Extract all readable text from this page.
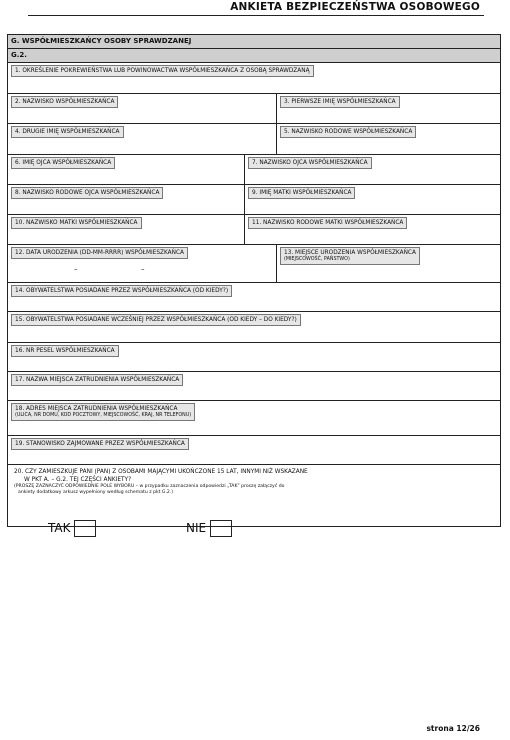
ANKIETA BEZPIECZEŃSTWA OSOBOWEGO
G. WSPÓŁMIESZKAŃCY OSOBY SPRAWDZANEJ
G.2.
1. OKREŚLENIE POKREWIEŃSTWA LUB POWINOWACTWA WSPÓŁMIESZKAŃCA Z OSOBĄ SPRAWDZANĄ
2. NAZWISKO WSPÓŁMIESZKAŃCA	3. PIERWSZE IMIĘ WSPÓŁMIESZKAŃCA
4. DRUGIE IMIĘ WSPÓŁMIESZKAŃCA	5. NAZWISKO RODOWE WSPÓŁMIESZKAŃCA
6. IMIĘ OJCA WSPÓŁMIESZKAŃCA	7. NAZWISKO OJCA WSPÓŁMIESZKAŃCA
8. NAZWISKO RODOWE OJCA WSPÓŁMIESZKAŃCA	9. IMIĘ MATKI WSPÓŁMIESZKAŃCA
10. NAZWISKO MATKI WSPÓŁMIESZKAŃCA	11. NAZWISKO RODOWE MATKI WSPÓŁMIESZKAŃCA
12. DATA URODZENIA (DD-MM-RRRR) WSPÓŁMIESZKAŃCA
–	–
13. MIEJSCE URODZENIA WSPÓŁMIESZKAŃCA
(MIEJSCOWOŚĆ, PAŃSTWO)
14. OBYWATELSTWA POSIADANE PRZEZ WSPÓŁMIESZKAŃCA (OD KIEDY?)
15. OBYWATELSTWA POSIADANE WCZEŚNIEJ PRZEZ WSPÓŁMIESZKAŃCA (OD KIEDY – DO KIEDY?)
16. NR PESEL WSPÓŁMIESZKAŃCA
17. NAZWA MIEJSCA ZATRUDNIENIA WSPÓŁMIESZKAŃCA
18. ADRES MIEJSCA ZATRUDNIENIA WSPÓŁMIESZKAŃCA
(ULICA, NR DOMU, KOD POCZTOWY, MIEJSCOWOŚĆ, KRAJ, NR TELEFONU)
19. STANOWISKO ZAJMOWANE PRZEZ WSPÓŁMIESZKAŃCA
20. CZY ZAMIESZKUJE PANI (PAN) Z OSOBAMI MAJĄCYMI UKOŃCZONE 15 LAT, INNYMI NIŻ WSKAZANE
W PKT A. – G.2. TEJ CZĘŚCI ANKIETY?
(PROSZĘ ZAZNACZYĆ ODPOWIEDNIE POLE WYBORU – w przypadku zaznaczenia odpowiedzi „TAK” proszę załączyć do
ankiety dodatkowy arkusz wypełniony według schematu z pkt G.2.)
TAK	NIE
strona 12/26
